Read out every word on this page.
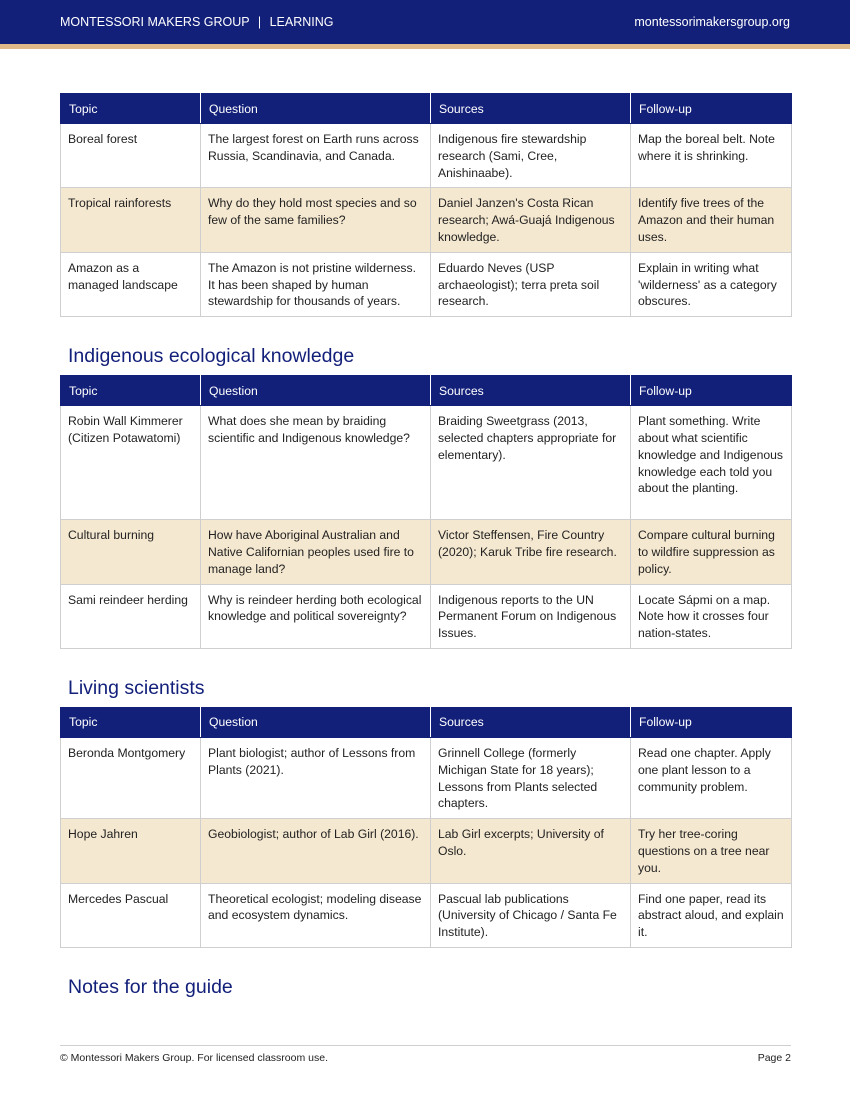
MONTESSORI MAKERS GROUP | LEARNING	montessorimakersgroup.org
Topic	Question	Sources	Follow-up
Boreal forest	The largest forest on Earth runs across Russia, Scandinavia, and Canada.	Indigenous fire stewardship research (Sami, Cree, Anishinaabe).	Map the boreal belt. Note where it is shrinking.
Tropical rainforests	Why do they hold most species and so few of the same families?	Daniel Janzen's Costa Rican research; Awá-Guajá Indigenous knowledge.	Identify five trees of the Amazon and their human uses.
Amazon as a managed landscape	The Amazon is not pristine wilderness. It has been shaped by human stewardship for thousands of years.	Eduardo Neves (USP archaeologist); terra preta soil research.	Explain in writing what 'wilderness' as a category obscures.
Indigenous ecological knowledge
Topic	Question	Sources	Follow-up
Robin Wall Kimmerer (Citizen Potawatomi)	What does she mean by braiding scientific and Indigenous knowledge?	Braiding Sweetgrass (2013, selected chapters appropriate for elementary).	Plant something. Write about what scientific knowledge and Indigenous knowledge each told you about the planting.
Cultural burning	How have Aboriginal Australian and Native Californian peoples used fire to manage land?	Victor Steffensen, Fire Country (2020); Karuk Tribe fire research.	Compare cultural burning to wildfire suppression as policy.
Sami reindeer herding	Why is reindeer herding both ecological knowledge and political sovereignty?	Indigenous reports to the UN Permanent Forum on Indigenous Issues.	Locate Sápmi on a map. Note how it crosses four nation-states.
Living scientists
Topic	Question	Sources	Follow-up
Beronda Montgomery	Plant biologist; author of Lessons from Plants (2021).	Grinnell College (formerly Michigan State for 18 years); Lessons from Plants selected chapters.	Read one chapter. Apply one plant lesson to a community problem.
Hope Jahren	Geobiologist; author of Lab Girl (2016).	Lab Girl excerpts; University of Oslo.	Try her tree-coring questions on a tree near you.
Mercedes Pascual	Theoretical ecologist; modeling disease and ecosystem dynamics.	Pascual lab publications (University of Chicago / Santa Fe Institute).	Find one paper, read its abstract aloud, and explain it.
Notes for the guide
© Montessori Makers Group. For licensed classroom use.	Page 2
